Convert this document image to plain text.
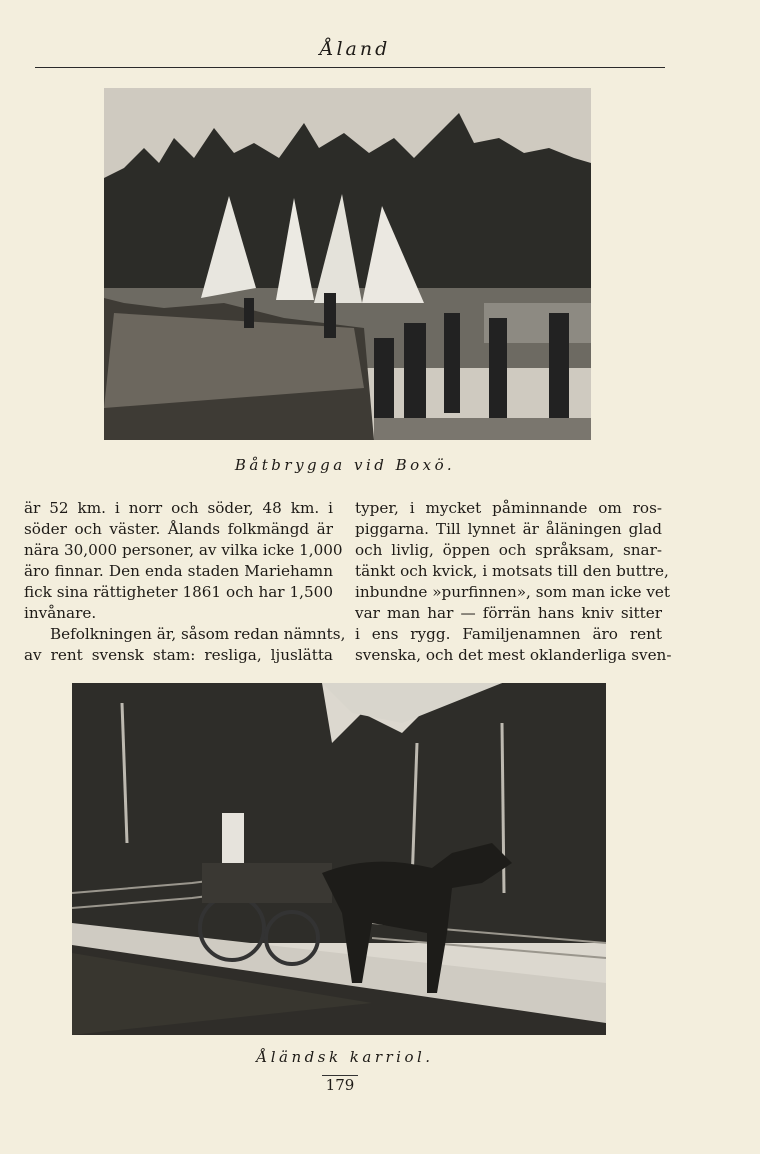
Åland
Båtbrygga vid Boxö.
är 52 km. i norr och söder, 48 km. i
söder och väster. Ålands folkmängd är
nära 30,000 personer, av vilka icke 1,000
äro finnar. Den enda staden Mariehamn
fick sina rättigheter 1861 och har 1,500
invånare.
Befolkningen är, såsom redan nämnts,
av rent svensk stam: resliga, ljuslätta
typer, i mycket påminnande om ros-
piggarna. Till lynnet är åläningen glad
och livlig, öppen och språksam, snar-
tänkt och kvick, i motsats till den buttre,
inbundne »purfinnen», som man icke vet
var man har — förrän hans kniv sitter
i ens rygg. Familjenamnen äro rent
svenska, och det mest oklanderliga sven-
Åländsk karriol.
179
